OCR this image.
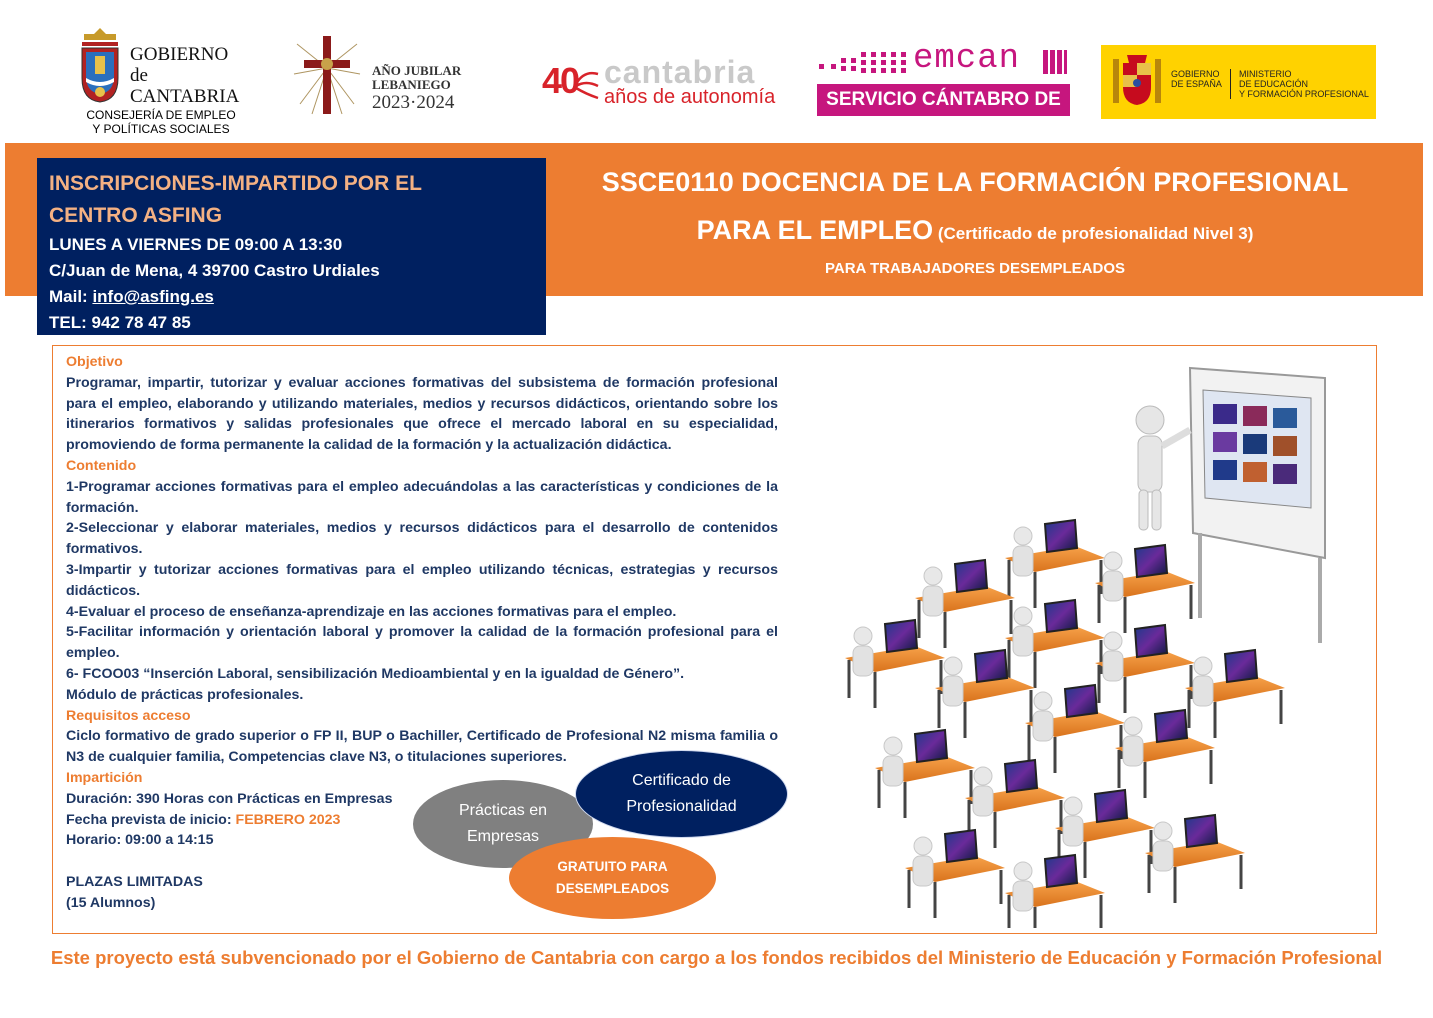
GOBIERNO
de
CANTABRIA
CONSEJERÍA DE EMPLEO
Y POLÍTICAS SOCIALES
AÑO JUBILAR
LEBANIEGO
2023·2024
40 cantabria
años de autonomía
emcan
SERVICIO CÁNTABRO DE EMPLEO
GOBIERNO
DE ESPAÑA
MINISTERIO
DE EDUCACIÓN
Y FORMACIÓN PROFESIONAL
INSCRIPCIONES-IMPARTIDO POR EL
CENTRO ASFING
LUNES A VIERNES DE 09:00 A 13:30
C/Juan de Mena, 4 39700 Castro Urdiales
Mail: info@asfing.es
TEL: 942 78 47 85
SSCE0110 DOCENCIA DE LA FORMACIÓN PROFESIONAL
PARA EL EMPLEO (Certificado de profesionalidad Nivel 3)
PARA TRABAJADORES DESEMPLEADOS
Objetivo
Programar, impartir, tutorizar y evaluar acciones formativas del subsistema de formación profesional para el empleo, elaborando y utilizando materiales, medios y recursos didácticos, orientando sobre los itinerarios formativos y salidas profesionales que ofrece el mercado laboral en su especialidad, promoviendo de forma permanente la calidad de la formación y la actualización didáctica.
Contenido
1-Programar acciones formativas para el empleo adecuándolas a las características y condiciones de la formación.
2-Seleccionar y elaborar materiales, medios y recursos didácticos para el desarrollo de contenidos formativos.
3-Impartir y tutorizar acciones formativas para el empleo utilizando técnicas, estrategias y recursos didácticos.
4-Evaluar el proceso de enseñanza-aprendizaje en las acciones formativas para el empleo.
5-Facilitar información y orientación laboral y promover la calidad de la formación profesional para el empleo.
6- FCOO03 “Inserción Laboral, sensibilización Medioambiental y en la igualdad de Género”.
Módulo de prácticas profesionales.
Requisitos acceso
Ciclo formativo de grado superior o FP II, BUP o Bachiller, Certificado de Profesional N2 misma familia o N3 de cualquier familia, Competencias clave N3, o titulaciones superiores.
Impartición
Duración: 390 Horas con Prácticas en Empresas
Fecha prevista de inicio: FEBRERO 2023
Horario: 09:00 a 14:15

PLAZAS LIMITADAS
(15 Alumnos)
Prácticas en Empresas
GRATUITO PARA DESEMPLEADOS
Certificado de Profesionalidad
Este proyecto está subvencionado por el Gobierno de Cantabria con cargo a los fondos recibidos del Ministerio de Educación y Formación Profesional
